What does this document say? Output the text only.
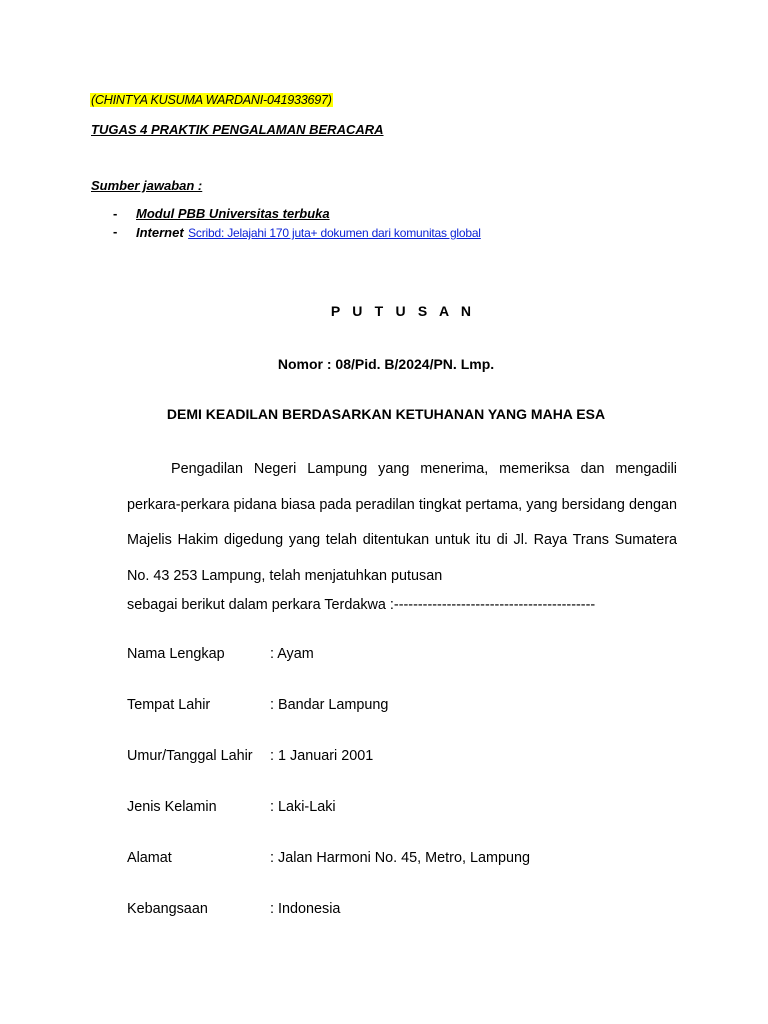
(CHINTYA KUSUMA WARDANI-041933697)
TUGAS 4 PRAKTIK PENGALAMAN BERACARA
Sumber jawaban :
- Modul PBB Universitas terbuka
- Internet Scribd: Jelajahi 170 juta+ dokumen dari komunitas global
P U T U S A N
Nomor : 08/Pid. B/2024/PN. Lmp.
DEMI KEADILAN BERDASARKAN KETUHANAN YANG MAHA ESA
Pengadilan Negeri Lampung yang menerima, memeriksa dan mengadili perkara-perkara pidana biasa pada peradilan tingkat pertama, yang bersidang dengan Majelis Hakim digedung yang telah ditentukan untuk itu di Jl. Raya Trans Sumatera No. 43 253 Lampung, telah menjatuhkan putusan
sebagai berikut dalam perkara Terdakwa :------------------------------------------
Nama Lengkap	: Ayam
Tempat Lahir	: Bandar Lampung
Umur/Tanggal Lahir : 1 Januari 2001
Jenis Kelamin	: Laki-Laki
Alamat	: Jalan Harmoni No. 45, Metro, Lampung
Kebangsaan	: Indonesia
